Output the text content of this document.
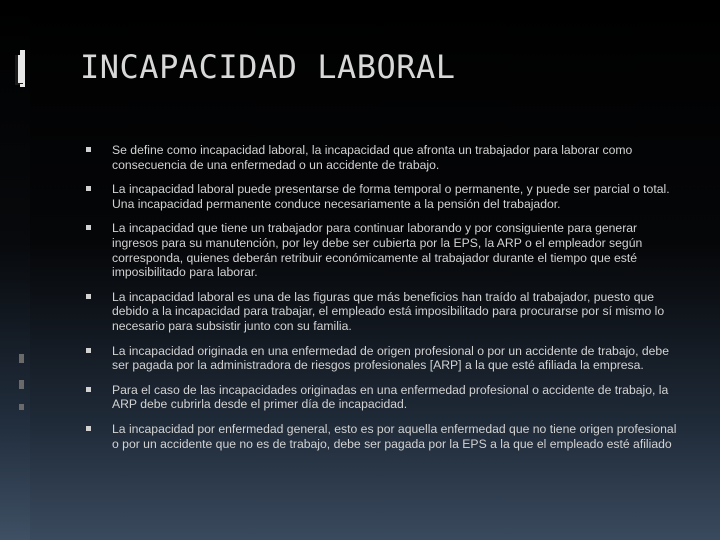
INCAPACIDAD LABORAL
Se define como incapacidad laboral, la incapacidad que afronta un trabajador para laborar como consecuencia de una enfermedad o un accidente de trabajo.
La incapacidad laboral puede presentarse de forma temporal o permanente, y puede ser parcial o total. Una incapacidad permanente conduce necesariamente a la pensión del trabajador.
La incapacidad que tiene un trabajador para continuar laborando y por consiguiente para generar ingresos para su manutención, por ley debe ser cubierta por la EPS, la ARP o el empleador según corresponda, quienes deberán retribuir económicamente al trabajador durante el tiempo que esté imposibilitado para laborar.
La incapacidad laboral es una de las figuras que más beneficios han traído al trabajador, puesto que debido a la incapacidad para trabajar, el empleado está imposibilitado para procurarse por sí mismo lo necesario para subsistir junto con su familia.
La incapacidad originada en una enfermedad de origen profesional o por un accidente de trabajo, debe ser pagada por la administradora de riesgos profesionales [ARP] a la que esté afiliada la empresa.
Para el caso de las incapacidades originadas en una enfermedad profesional o accidente de trabajo, la ARP debe cubrirla desde el primer día de incapacidad.
La incapacidad por enfermedad general, esto es por aquella enfermedad que no tiene origen profesional o por un accidente que no es de trabajo, debe ser pagada por la EPS a la que el empleado esté afiliado
